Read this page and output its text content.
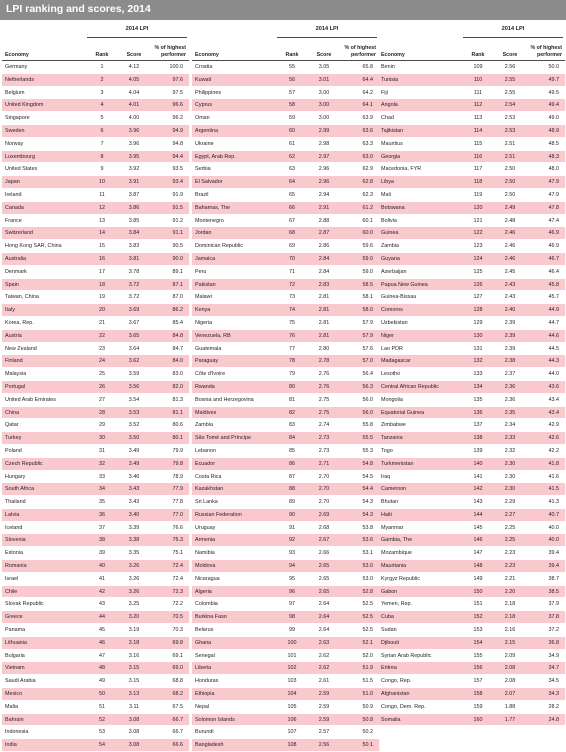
LPI ranking and scores, 2014
2014 LPI
Economy	Rank	Score
% of highest performer
Germany	1	4.12	100.0
Netherlands	2	4.05	97.6
Belgium	3	4.04	97.5
United Kingdom	4	4.01	96.6
Singapore	5	4.00	96.2
Sweden	6	3.96	94.9
Norway	7	3.96	94.8
Luxembourg	8	3.95	94.4
United States	9	3.92	93.5
Japan	10	3.91	93.4
Ireland	11	3.87	91.9
Canada	12	3.86	91.5
France	13	3.85	91.2
Switzerland	14	3.84	91.1
Hong Kong SAR, China	15	3.83	90.5
Australia	16	3.81	90.0
Denmark	17	3.78	89.1
Spain	18	3.72	87.1
Taiwan, China	19	3.72	87.0
Italy	20	3.69	86.2
Korea, Rep.	21	3.67	85.4
Austria	22	3.65	84.8
New Zealand	23	3.64	84.7
Finland	24	3.62	84.0
Malaysia	25	3.59	83.0
Portugal	26	3.56	82.0
United Arab Emirates	27	3.54	81.3
China	28	3.53	81.1
Qatar	29	3.52	80.6
Turkey	30	3.50	80.1
Poland	31	3.49	79.9
Czech Republic	32	3.49	79.8
Hungary	33	3.46	78.9
South Africa	34	3.43	77.9
Thailand	35	3.43	77.8
Latvia	36	3.40	77.0
Iceland	37	3.39	76.6
Slovenia	38	3.38	76.3
Estonia	39	3.35	75.1
Romania	40	3.26	72.4
Israel	41	3.26	72.4
Chile	42	3.26	72.3
Slovak Republic	43	3.25	72.2
Greece	44	3.20	70.5
Panama	45	3.19	70.3
Lithuania	46	3.18	69.8
Bulgaria	47	3.16	69.1
Vietnam	48	3.15	69.0
Saudi Arabia	49	3.15	68.8
Mexico	50	3.13	68.2
Malta	51	3.11	67.5
Bahrain	52	3.08	66.7
Indonesia	53	3.08	66.7
India	54	3.08	66.6
2014 LPI
Economy	Rank	Score
% of highest performer
Croatia	55	3.05	65.8
Kuwait	56	3.01	64.4
Philippines	57	3.00	64.2
Cyprus	58	3.00	64.1
Oman	59	3.00	63.9
Argentina	60	2.99	63.6
Ukraine	61	2.98	63.3
Egypt, Arab Rep.	62	2.97	63.0
Serbia	63	2.96	62.9
El Salvador	64	2.96	62.8
Brazil	65	2.94	62.3
Bahamas, The	66	2.91	61.2
Montenegro	67	2.88	60.1
Jordan	68	2.87	60.0
Dominican Republic	69	2.86	59.6
Jamaica	70	2.84	59.0
Peru	71	2.84	59.0
Pakistan	72	2.83	58.5
Malawi	73	2.81	58.1
Kenya	74	2.81	58.0
Nigeria	75	2.81	57.9
Venezuela, RB	76	2.81	57.9
Guatemala	77	2.80	57.6
Paraguay	78	2.78	57.0
Côte d'Ivoire	79	2.76	56.4
Rwanda	80	2.76	56.3
Bosnia and Herzegovina	81	2.75	56.0
Maldives	82	2.75	56.0
Zambia	83	2.74	55.8
São Tomé and Príncipe	84	2.73	55.5
Lebanon	85	2.73	55.3
Ecuador	86	2.71	54.8
Costa Rica	87	2.70	54.5
Kazakhstan	88	2.70	54.4
Sri Lanka	89	2.70	54.3
Russian Federation	90	2.69	54.3
Uruguay	91	2.68	53.8
Armenia	92	2.67	53.6
Namibia	93	2.66	53.1
Moldova	94	2.65	53.0
Nicaragua	95	2.65	53.0
Algeria	96	2.65	52.8
Colombia	97	2.64	52.5
Burkina Faso	98	2.64	52.5
Belarus	99	2.64	52.5
Ghana	100	2.63	52.1
Senegal	101	2.62	52.0
Liberia	102	2.62	51.9
Honduras	103	2.61	51.5
Ethiopia	104	2.59	51.0
Nepal	105	2.59	50.9
Solomon Islands	106	2.59	50.8
Burundi	107	2.57	50.2
Bangladesh	108	2.56	50.1
2014 LPI
Economy	Rank	Score
% of highest performer
Benin	109	2.56	50.0
Tunisia	110	2.55	49.7
Fiji	111	2.55	49.5
Angola	112	2.54	49.4
Chad	113	2.53	49.0
Tajikistan	114	2.53	48.9
Mauritius	115	2.51	48.5
Georgia	116	2.51	48.3
Macedonia, FYR	117	2.50	48.0
Libya	118	2.50	47.9
Mali	119	2.50	47.9
Botswana	120	2.49	47.8
Bolivia	121	2.48	47.4
Guinea	122	2.46	46.9
Zambia	123	2.46	46.9
Guyana	124	2.46	46.7
Azerbaijan	125	2.45	46.4
Papua New Guinea	126	2.43	45.8
Guinea-Bissau	127	2.43	45.7
Comoros	128	2.40	44.9
Uzbekistan	129	2.39	44.7
Niger	130	2.39	44.6
Lao PDR	131	2.39	44.5
Madagascar	132	2.38	44.3
Lesotho	133	2.37	44.0
Central African Republic	134	2.36	43.6
Mongolia	135	2.36	43.4
Equatorial Guinea	136	2.35	43.4
Zimbabwe	137	2.34	42.9
Tanzania	138	2.33	42.6
Togo	139	2.32	42.2
Turkmenistan	140	2.30	41.8
Iraq	141	2.30	41.6
Cameroon	142	2.30	41.5
Bhutan	143	2.29	41.3
Haiti	144	2.27	40.7
Myanmar	145	2.25	40.0
Gambia, The	146	2.25	40.0
Mozambique	147	2.23	39.4
Mauritania	148	2.23	39.4
Kyrgyz Republic	149	2.21	38.7
Gabon	150	2.20	38.5
Yemen, Rep.	151	2.18	37.9
Cuba	152	2.18	37.8
Sudan	153	2.16	37.2
Djibouti	154	2.15	36.8
Syrian Arab Republic	155	2.09	34.9
Eritrea	156	2.08	34.7
Congo, Rep.	157	2.08	34.5
Afghanistan	158	2.07	34.3
Congo, Dem. Rep.	159	1.88	28.2
Somalia	160	1.77	24.8
